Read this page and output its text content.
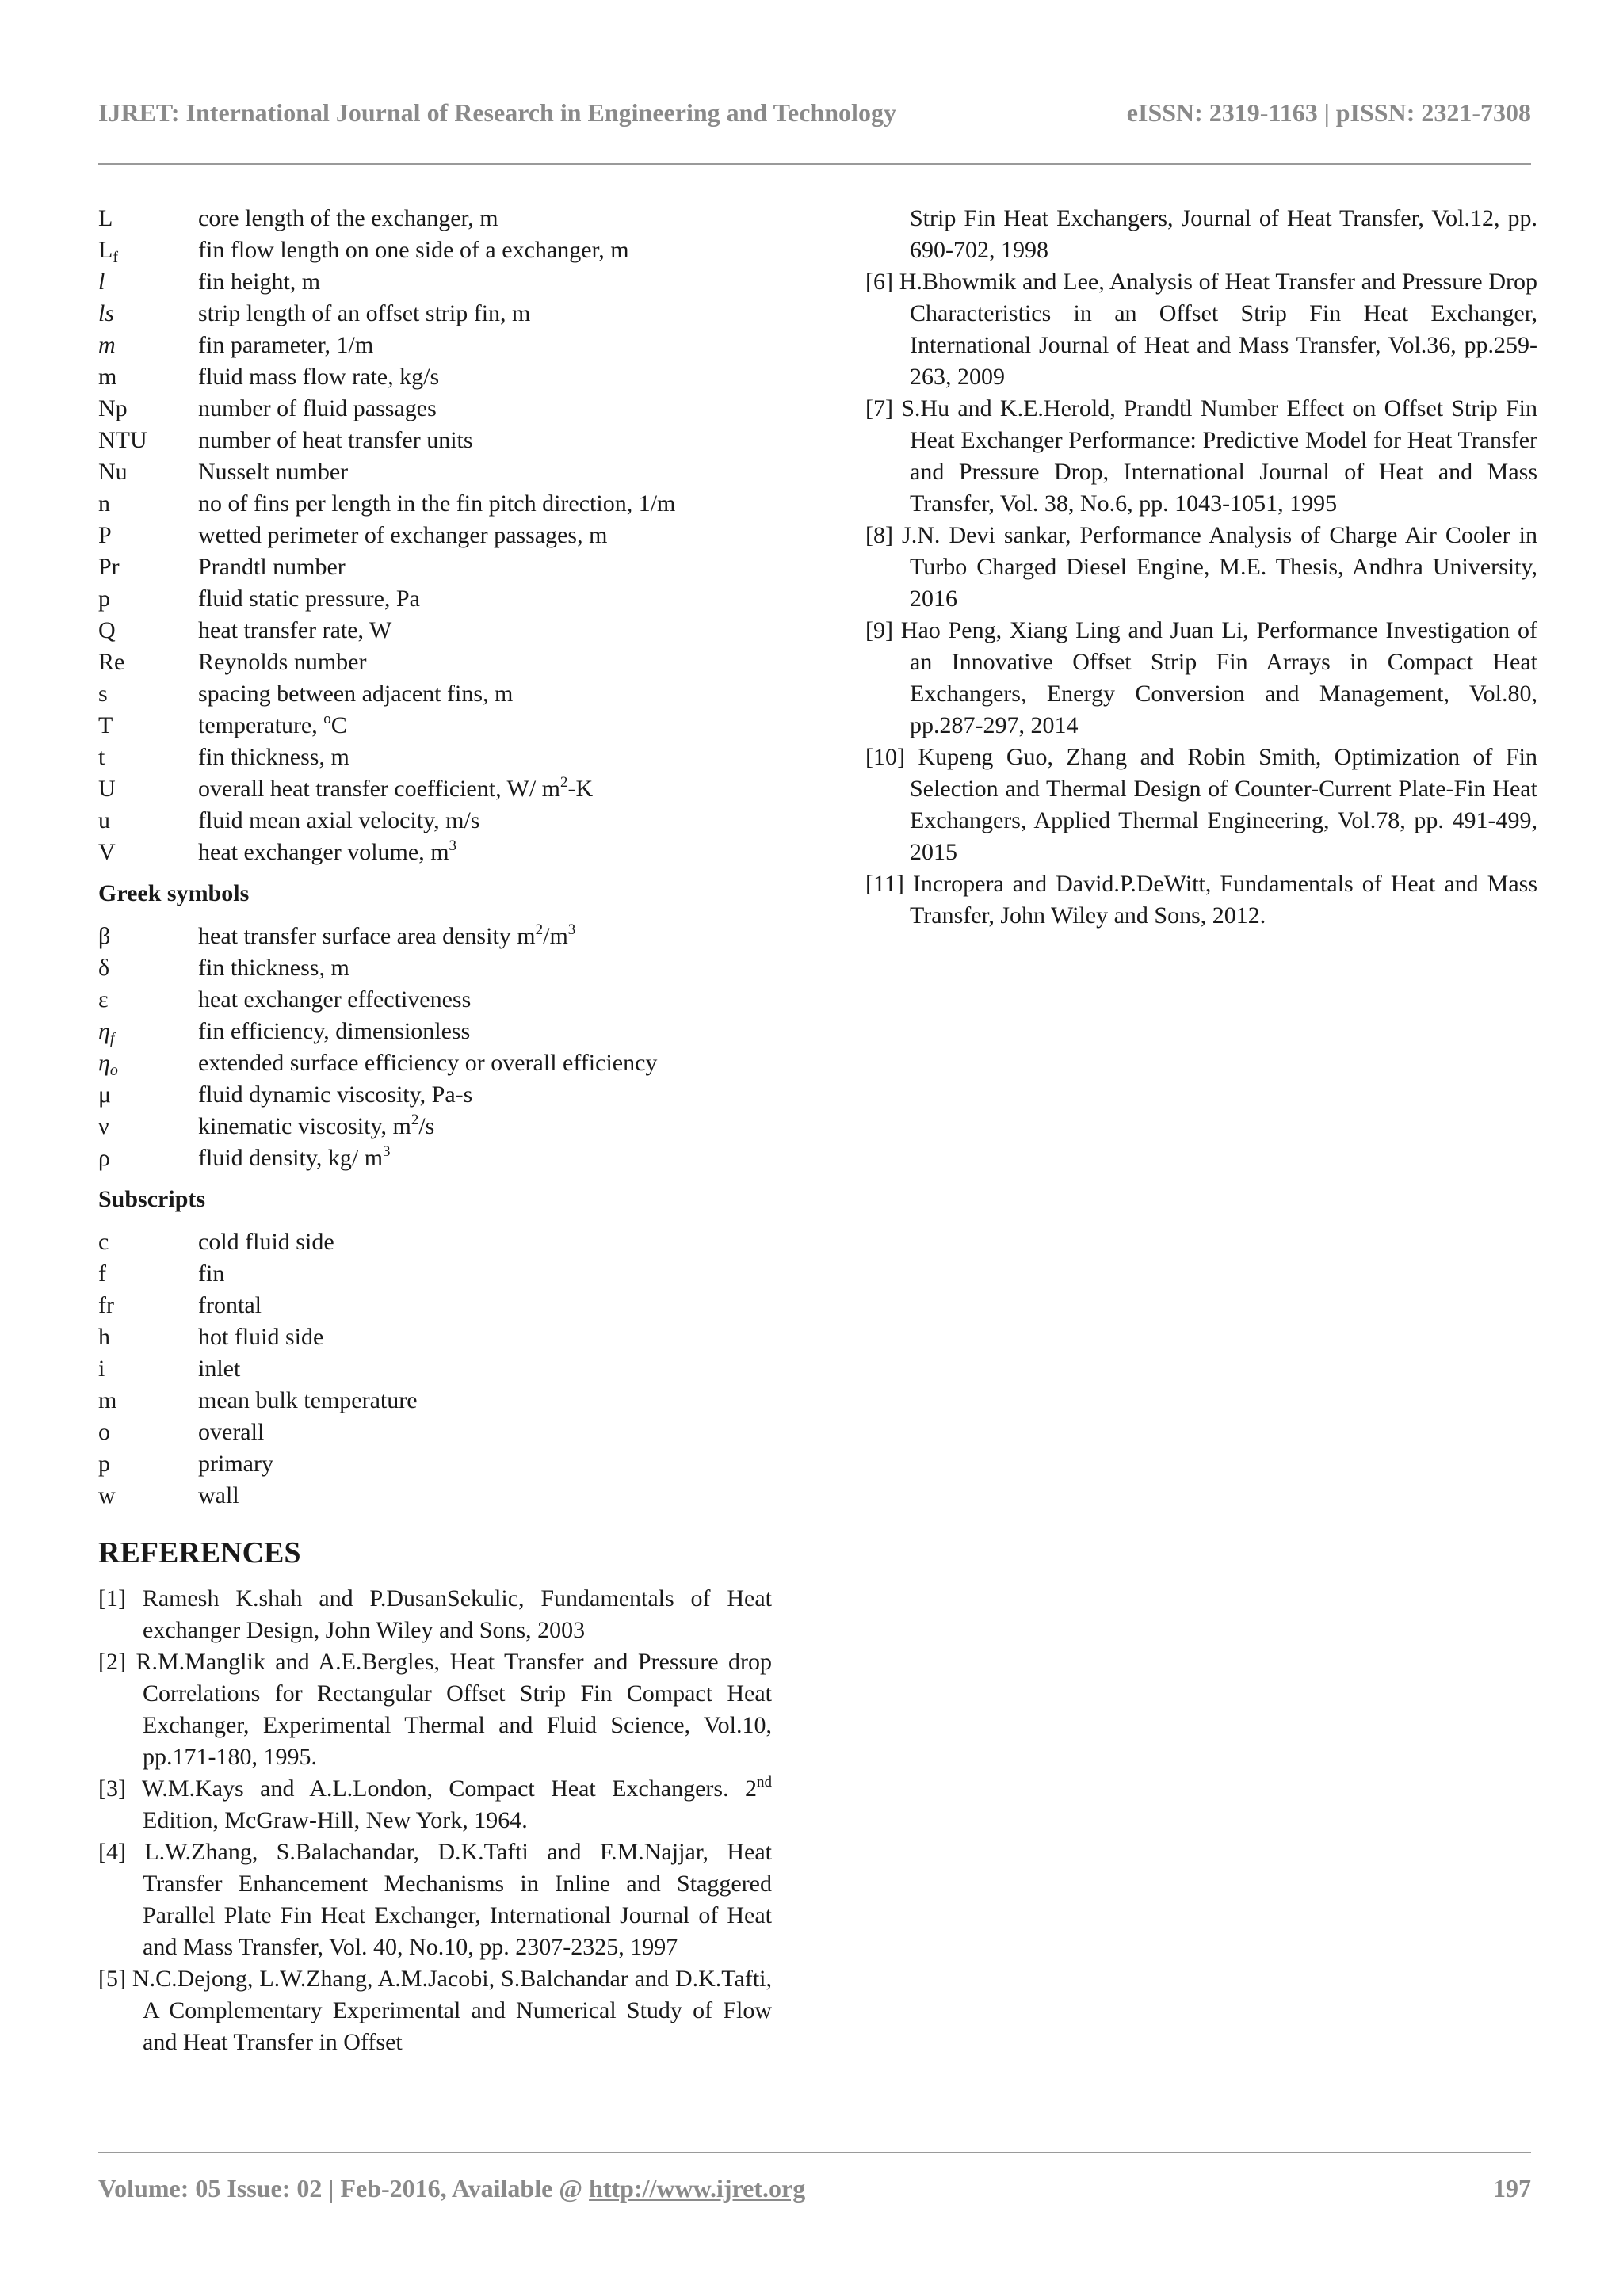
IJRET: International Journal of Research in Engineering and Technology	eISSN: 2319-1163 | pISSN: 2321-7308
L	core length of the exchanger, m
$L_f$	fin flow length on one side of a exchanger, m
l	fin height, m
ls	strip length of an offset strip fin, m
m	fin parameter, 1/m
m	fluid mass flow rate, kg/s
Np	number of fluid passages
NTU	number of heat transfer units
Nu	Nusselt number
n	no of fins per length in the fin pitch direction, 1/m
P	wetted perimeter of exchanger passages, m
Pr	Prandtl number
p	fluid static pressure, Pa
Q	heat transfer rate, W
Re	Reynolds number
s	spacing between adjacent fins, m
T	temperature, $^o$C
t	fin thickness, m
U	overall heat transfer coefficient, W/ $m^2-K$
u	fluid mean axial velocity, m/s
V	heat exchanger volume, $m^3$
Greek symbols
β	heat transfer surface area density $m^2/m^3$
δ	fin thickness, m
ε	heat exchanger effectiveness
$\eta_f$	fin efficiency, dimensionless
$\eta_o$	extended surface efficiency or overall efficiency
μ	fluid dynamic viscosity, Pa-s
ν	kinematic viscosity, $m^2/s$
ρ	fluid density, kg/ $m^3$
Subscripts
c	cold fluid side
f	fin
fr	frontal
h	hot fluid side
i	inlet
m	mean bulk temperature
o	overall
p	primary
w	wall
REFERENCES

[1] Ramesh K.shah and P.DusanSekulic, Fundamentals of Heat exchanger Design, John Wiley and Sons, 2003

[2] R.M.Manglik and A.E.Bergles, Heat Transfer and Pressure drop Correlations for Rectangular Offset Strip Fin Compact Heat Exchanger, Experimental Thermal and Fluid Science, Vol.10, pp.171-180, 1995.

[3] W.M.Kays and A.L.London, Compact Heat Exchangers. 2nd Edition, McGraw-Hill, New York, 1964.

[4] L.W.Zhang, S.Balachandar, D.K.Tafti and F.M.Najjar, Heat Transfer Enhancement Mechanisms in Inline and Staggered Parallel Plate Fin Heat Exchanger, International Journal of Heat and Mass Transfer, Vol. 40, No.10, pp. 2307-2325, 1997

[5] N.C.Dejong, L.W.Zhang, A.M.Jacobi, S.Balchandar and D.K.Tafti, A Complementary Experimental and Numerical Study of Flow and Heat Transfer in Offset

Strip Fin Heat Exchangers, Journal of Heat Transfer, Vol.12, pp. 690-702, 1998

[6] H.Bhowmik and Lee, Analysis of Heat Transfer and Pressure Drop Characteristics in an Offset Strip Fin Heat Exchanger, International Journal of Heat and Mass Transfer, Vol.36, pp.259-263, 2009

[7] S.Hu and K.E.Herold, Prandtl Number Effect on Offset Strip Fin Heat Exchanger Performance: Predictive Model for Heat Transfer and Pressure Drop, International Journal of Heat and Mass Transfer, Vol. 38, No.6, pp. 1043-1051, 1995

[8] J.N. Devi sankar, Performance Analysis of Charge Air Cooler in Turbo Charged Diesel Engine, M.E. Thesis, Andhra University, 2016

[9] Hao Peng, Xiang Ling and Juan Li, Performance Investigation of an Innovative Offset Strip Fin Arrays in Compact Heat Exchangers, Energy Conversion and Management, Vol.80, pp.287-297, 2014

[10] Kupeng Guo, Zhang and Robin Smith, Optimization of Fin Selection and Thermal Design of Counter-Current Plate-Fin Heat Exchangers, Applied Thermal Engineering, Vol.78, pp. 491-499, 2015

[11] Incropera and David.P.DeWitt, Fundamentals of Heat and Mass Transfer, John Wiley and Sons, 2012.

Volume: 05 Issue: 02 | Feb-2016, Available @ http://www.ijret.org	197
